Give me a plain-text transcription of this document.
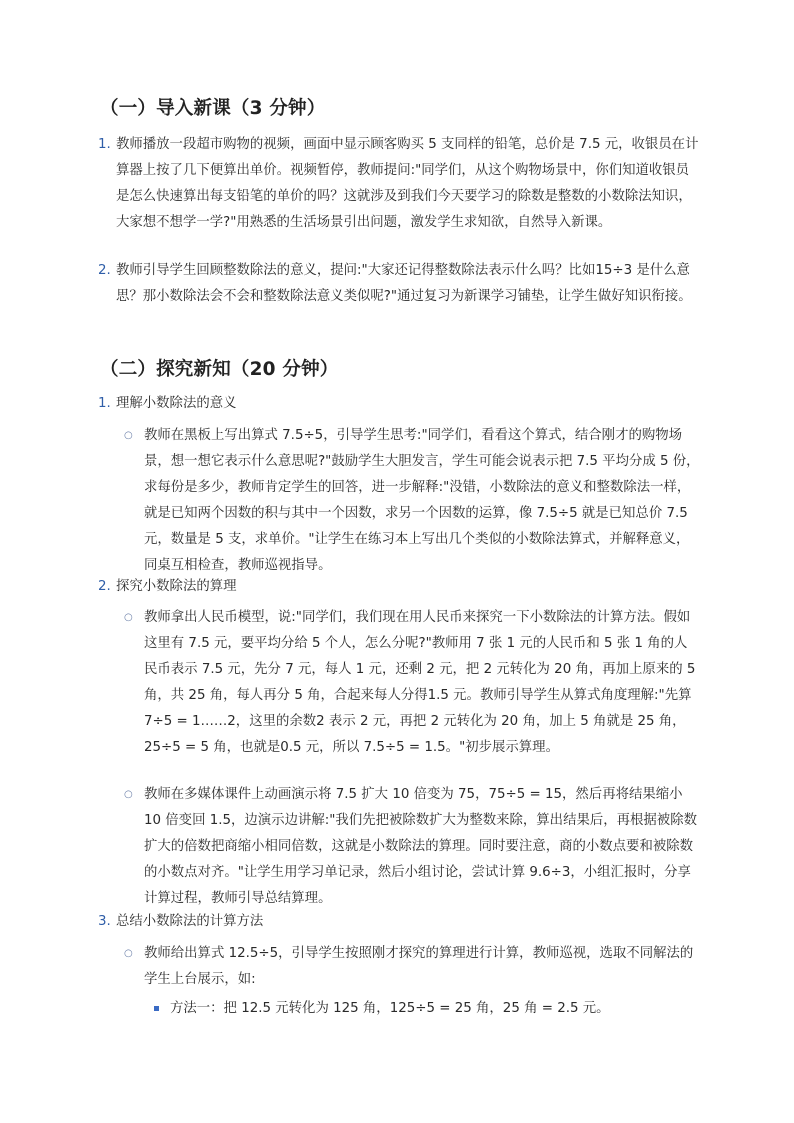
（一）导入新课（3 分钟）
1. 教师播放一段超市购物的视频，画面中显示顾客购买 5 支同样的铅笔，总价是 7.5 元，收银员在计算器上按了几下便算出单价。视频暂停，教师提问:"同学们，从这个购物场景中，你们知道收银员是怎么快速算出每支铅笔的单价的吗？这就涉及到我们今天要学习的除数是整数的小数除法知识，大家想不想学一学?"用熟悉的生活场景引出问题，激发学生求知欲，自然导入新课。

2. 教师引导学生回顾整数除法的意义，提问:"大家还记得整数除法表示什么吗？比如15÷3 是什么意思？那小数除法会不会和整数除法意义类似呢?"通过复习为新课学习铺垫，让学生做好知识衔接。

（二）探究新知（20 分钟）
1. 理解小数除法的意义

○ 教师在黑板上写出算式 7.5÷5，引导学生思考:"同学们，看看这个算式，结合刚才的购物场景，想一想它表示什么意思呢?"鼓励学生大胆发言，学生可能会说表示把 7.5 平均分成 5 份，求每份是多少，教师肯定学生的回答，进一步解释:"没错，小数除法的意义和整数除法一样，就是已知两个因数的积与其中一个因数，求另一个因数的运算，像 7.5÷5 就是已知总价 7.5 元，数量是 5 支，求单价。"让学生在练习本上写出几个类似的小数除法算式，并解释意义，同桌互相检查，教师巡视指导。

2. 探究小数除法的算理

○ 教师拿出人民币模型，说:"同学们，我们现在用人民币来探究一下小数除法的计算方法。假如这里有 7.5 元，要平均分给 5 个人，怎么分呢?"教师用 7 张 1 元的人民币和 5 张 1 角的人民币表示 7.5 元，先分 7 元，每人 1 元，还剩 2 元，把 2 元转化为 20 角，再加上原来的 5 角，共 25 角，每人再分 5 角，合起来每人分得1.5 元。教师引导学生从算式角度理解:"先算 7÷5 = 1……2，这里的余数2 表示 2 元，再把 2 元转化为 20 角，加上 5 角就是 25 角，25÷5 = 5 角，也就是0.5 元，所以 7.5÷5 = 1.5。"初步展示算理。

○ 教师在多媒体课件上动画演示将 7.5 扩大 10 倍变为 75，75÷5 = 15，然后再将结果缩小 10 倍变回 1.5，边演示边讲解:"我们先把被除数扩大为整数来除，算出结果后，再根据被除数扩大的倍数把商缩小相同倍数，这就是小数除法的算理。同时要注意，商的小数点要和被除数的小数点对齐。"让学生用学习单记录，然后小组讨论，尝试计算 9.6÷3，小组汇报时，分享计算过程，教师引导总结算理。

3. 总结小数除法的计算方法

○ 教师给出算式 12.5÷5，引导学生按照刚才探究的算理进行计算，教师巡视，选取不同解法的学生上台展示，如:

方法一：把 12.5 元转化为 125 角，125÷5 = 25 角，25 角 = 2.5 元。
